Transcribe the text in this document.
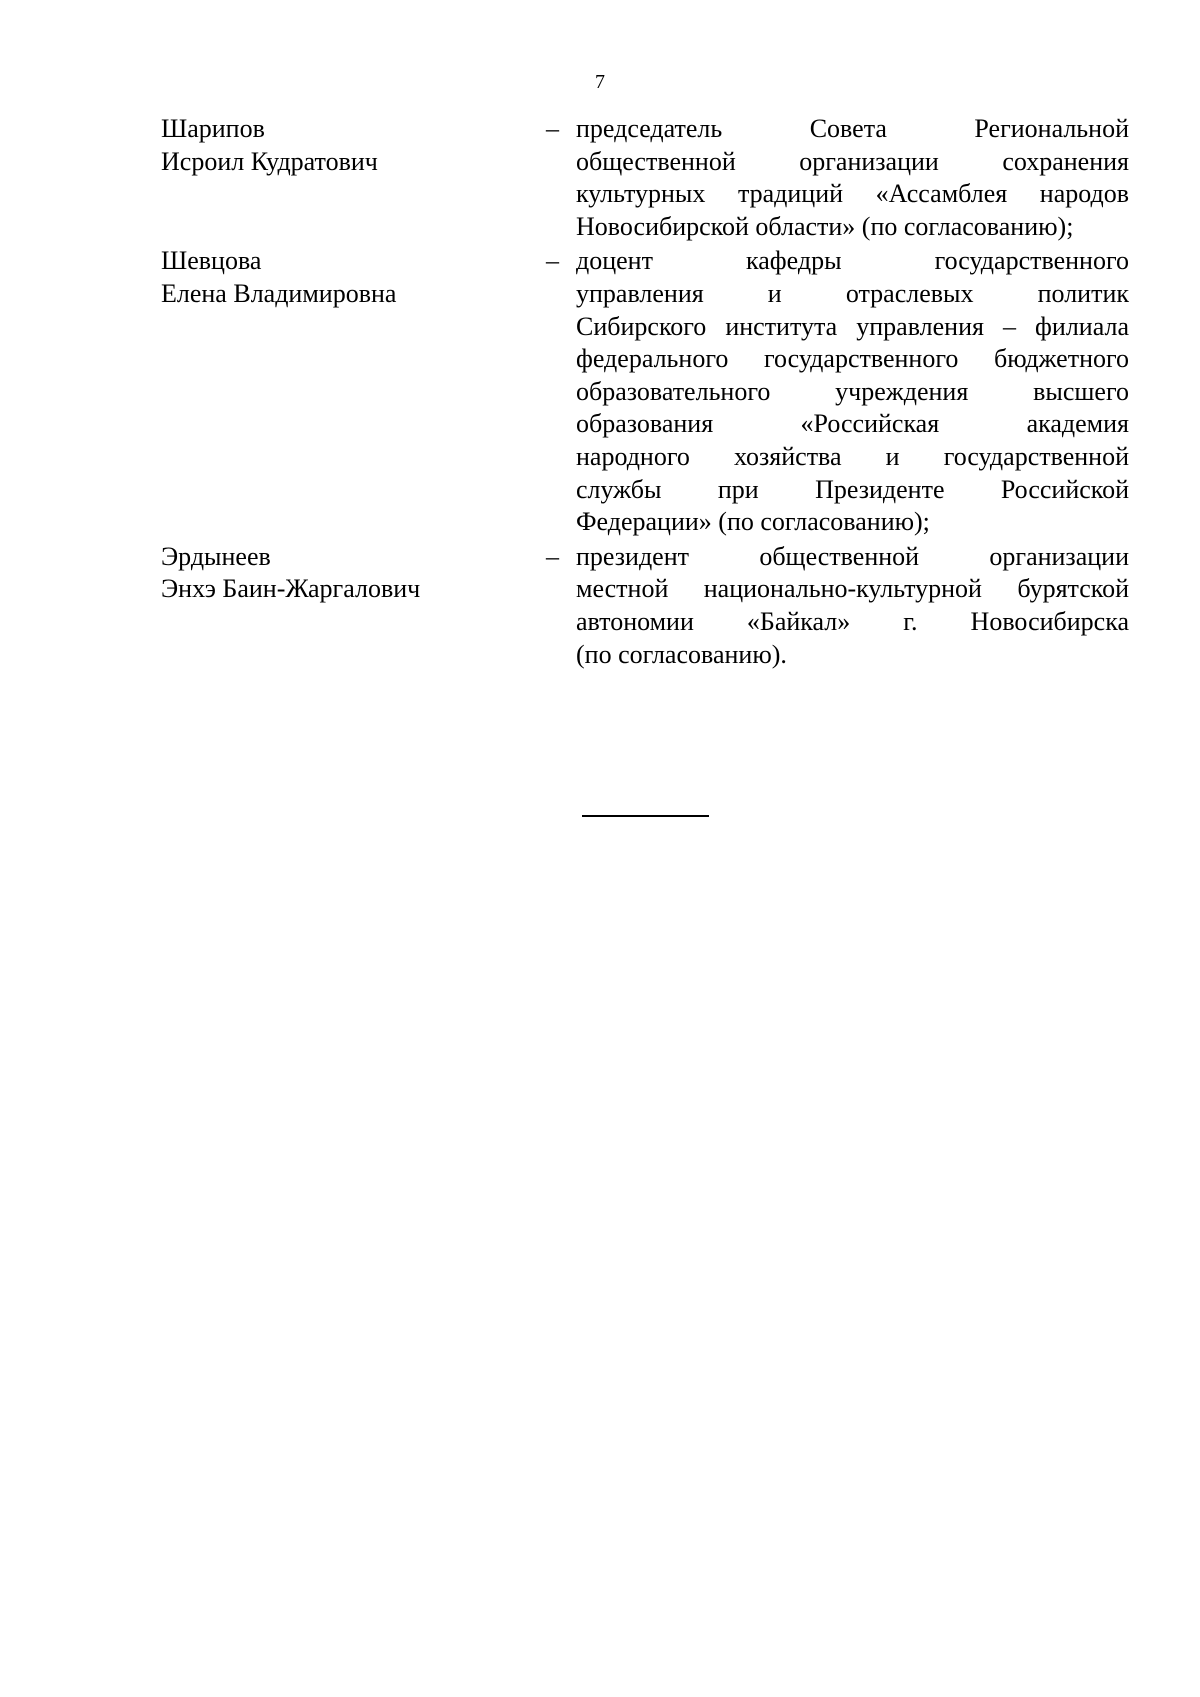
7
Шарипов
Исроил Кудратович
– председатель Совета Региональной
общественной организации сохранения
культурных традиций «Ассамблея народов
Новосибирской области» (по согласованию);
Шевцова
Елена Владимировна
– доцент кафедры государственного
управления и отраслевых политик
Сибирского института управления – филиала
федерального государственного бюджетного
образовательного учреждения высшего
образования «Российская академия
народного хозяйства и государственной
службы при Президенте Российской
Федерации» (по согласованию);
Эрдынеев
Энхэ Баин-Жаргалович
– президент общественной организации
местной национально-культурной бурятской
автономии «Байкал» г. Новосибирска
(по согласованию).
